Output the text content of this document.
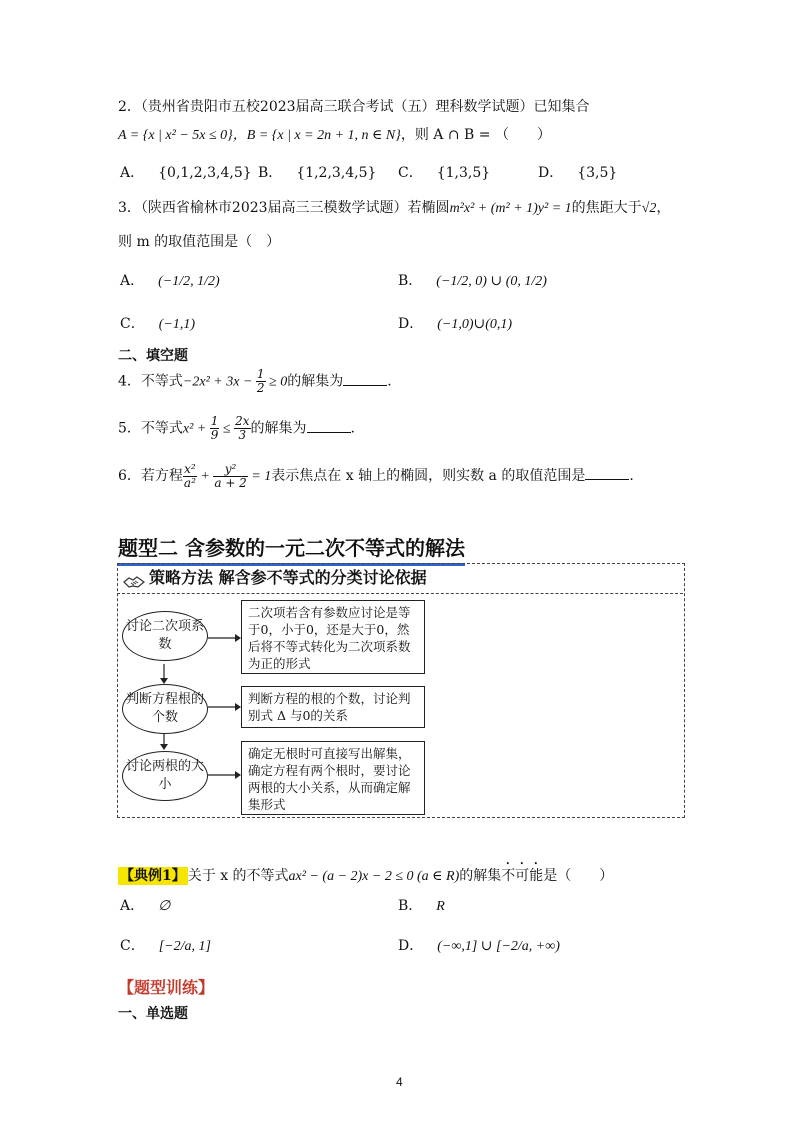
2．（贵州省贵阳市五校2023届高三联合考试（五）理科数学试题）已知集合
A = {x | x² − 5x ≤ 0}，B = {x | x = 2n + 1, n ∈ N}，则 A ∩ B = （　　）
A． {0,1,2,3,4,5} B． {1,2,3,4,5} C． {1,3,5}	D． {3,5}
3．（陕西省榆林市2023届高三三模数学试题）若椭圆m²x² + (m² + 1)y² = 1的焦距大于√2，
则 m 的取值范围是（　）
A． (−1/2, 1/2)	B． (−1/2, 0) ∪ (0, 1/2)
C． (−1,1)	D． (−1,0)∪(0,1)
二、填空题
4．不等式$-2x^2 + 3x - \frac{1}{2} \ge 0$的解集为	.
5．不等式$x^2 + \frac{1}{9} \le \frac{2x}{3}$ 的解集为	.
6．若方程 $\frac{\text{x²}}{\text{a²}} + \frac{\text{y²}}{a + 2} = 1$表示焦点在 x 轴上的椭圆，则实数 a 的取值范围是	.
题型二 含参数的一元二次不等式的解法
策略方法 解含参不等式的分类讨论依据
讨论二次项系数
判断方程根的个数
讨论两根的大小
二次项若含有参数应讨论是等于0，小于0，还是大于0，然后将不等式转化为二次项系数为正的形式
判断方程的根的个数，讨论判别式 Δ 与0的关系
确定无根时可直接写出解集，确定方程有两个根时，要讨论两根的大小关系，从而确定解集形式
【典例1】 关于 x 的不等式ax² − (a − 2)x − 2 ≤ 0 (a ∈ R)的解集不可能是（　　）
A． ∅	B． R
C． [−2/a, 1]	D． (−∞,1] ∪ [−2/a, +∞)
【题型训练】
一、单选题
4
